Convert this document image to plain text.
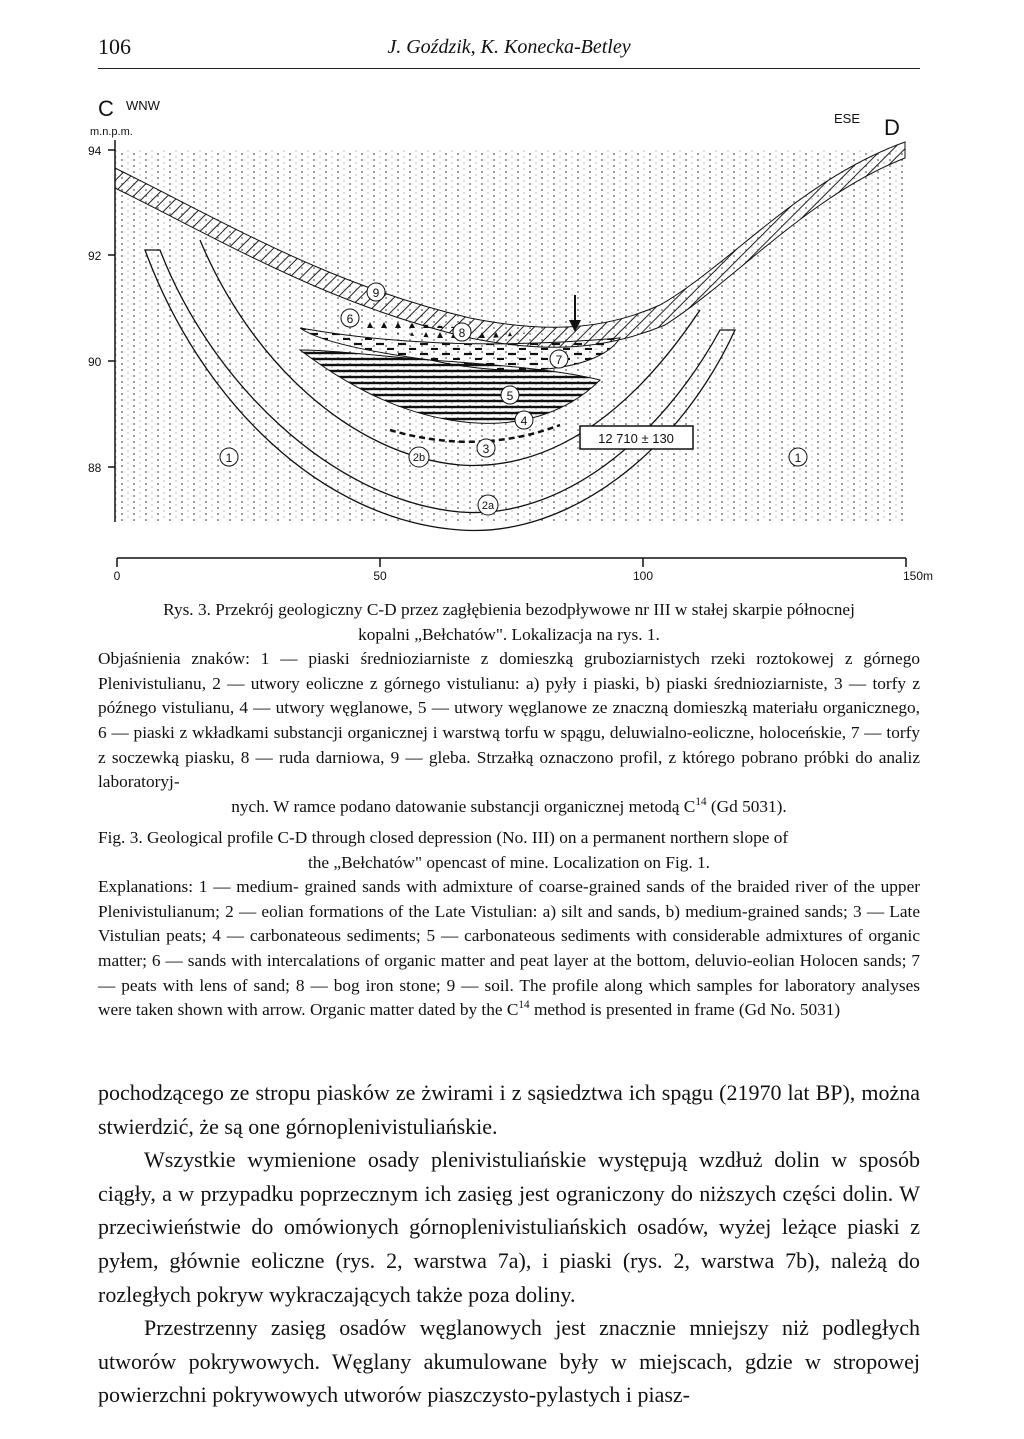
106	J. Goździk, K. Konecka-Betley
1	1
2a
2b
3
4
5
6
7
8
9
12 710 ± 130
C WNW
m.n.p.m.
ESE D
94
92
90
88
0	50	100	150m

Rys. 3. Przekrój geologiczny C-D przez zagłębienia bezodpływowe nr III w stałej skarpie północnej

kopalni „Bełchatów". Lokalizacja na rys. 1.

Objaśnienia znaków: 1 — piaski średnioziarniste z domieszką gruboziarnistych rzeki roztokowej z górnego Plenivistulianu, 2 — utwory eoliczne z górnego vistulianu: a) pyły i piaski, b) piaski średnioziarniste, 3 — torfy z późnego vistulianu, 4 — utwory węglanowe, 5 — utwory węglanowe ze znaczną domieszką materiału organicznego, 6 — piaski z wkładkami substancji organicznej i warstwą torfu w spągu, deluwialno-eoliczne, holoceńskie, 7 — torfy z soczewką piasku, 8 — ruda darniowa, 9 — gleba. Strzałką oznaczono profil, z którego pobrano próbki do analiz laboratoryj-

nych. W ramce podano datowanie substancji organicznej metodą $C^{14}$ (Gd 5031).

Fig. 3. Geological profile C-D through closed depression (No. III) on a permanent northern slope of

the „Bełchatów" opencast of mine. Localization on Fig. 1.

Explanations: 1 — medium- grained sands with admixture of coarse-grained sands of the braided river of the upper Plenivistulianum; 2 — eolian formations of the Late Vistulian: a) silt and sands, b) medium-grained sands; 3 — Late Vistulian peats; 4 — carbonateous sediments; 5 — carbonateous sediments with considerable admixtures of organic matter; 6 — sands with intercalations of organic matter and peat layer at the bottom, deluvio-eolian Holocen sands; 7 — peats with lens of sand; 8 — bog iron stone; 9 — soil. The profile along which samples for laboratory analyses were taken shown with arrow. Organic matter dated by the $C^{14}$ method is presented in frame (Gd No. 5031)

pochodzącego ze stropu piasków ze żwirami i z sąsiedztwa ich spągu (21970 lat BP), można stwierdzić, że są one górnoplenivistuliańskie.

Wszystkie wymienione osady plenivistuliańskie występują wzdłuż dolin w sposób ciągły, a w przypadku poprzecznym ich zasięg jest ograniczony do niższych części dolin. W przeciwieństwie do omówionych górnoplenivistuliańskich osadów, wyżej leżące piaski z pyłem, głównie eoliczne (rys. 2, warstwa 7a), i piaski (rys. 2, warstwa 7b), należą do rozległych pokryw wykraczających także poza doliny.

Przestrzenny zasięg osadów węglanowych jest znacznie mniejszy niż podległych utworów pokrywowych. Węglany akumulowane były w miejscach, gdzie w stropowej powierzchni pokrywowych utworów piaszczysto-pylastych i piasz-
